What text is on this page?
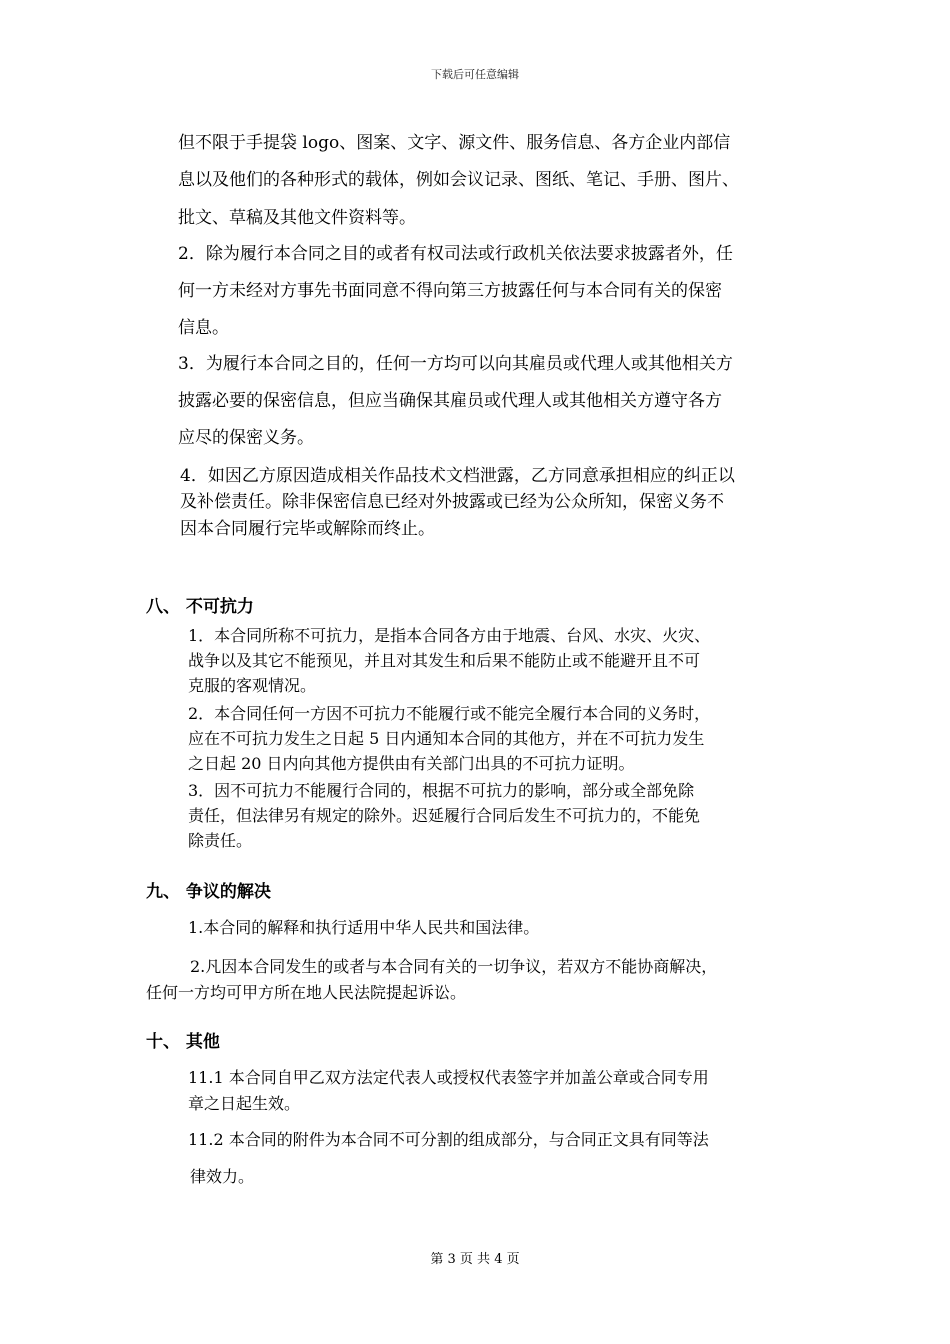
下载后可任意编辑
但不限于手提袋 logo、图案、文字、源文件、服务信息、各方企业内部信
息以及他们的各种形式的载体，例如会议记录、图纸、笔记、手册、图片、
批文、草稿及其他文件资料等。
2．除为履行本合同之目的或者有权司法或行政机关依法要求披露者外，任
何一方未经对方事先书面同意不得向第三方披露任何与本合同有关的保密
信息。
3．为履行本合同之目的，任何一方均可以向其雇员或代理人或其他相关方
披露必要的保密信息，但应当确保其雇员或代理人或其他相关方遵守各方
应尽的保密义务。
4．如因乙方原因造成相关作品技术文档泄露，乙方同意承担相应的纠正以
及补偿责任。除非保密信息已经对外披露或已经为公众所知，保密义务不
因本合同履行完毕或解除而终止。
八、 不可抗力
1．本合同所称不可抗力，是指本合同各方由于地震、台风、水灾、火灾、
战争以及其它不能预见，并且对其发生和后果不能防止或不能避开且不可
克服的客观情况。
2．本合同任何一方因不可抗力不能履行或不能完全履行本合同的义务时，
应在不可抗力发生之日起 5 日内通知本合同的其他方，并在不可抗力发生
之日起 20 日内向其他方提供由有关部门出具的不可抗力证明。
3．因不可抗力不能履行合同的，根据不可抗力的影响，部分或全部免除
责任，但法律另有规定的除外。迟延履行合同后发生不可抗力的，不能免
除责任。
九、 争议的解决
1.本合同的解释和执行适用中华人民共和国法律。
2.凡因本合同发生的或者与本合同有关的一切争议，若双方不能协商解决，
任何一方均可甲方所在地人民法院提起诉讼。
十、 其他
11.1 本合同自甲乙双方法定代表人或授权代表签字并加盖公章或合同专用
章之日起生效。
11.2 本合同的附件为本合同不可分割的组成部分，与合同正文具有同等法
律效力。
第 3 页 共 4 页
